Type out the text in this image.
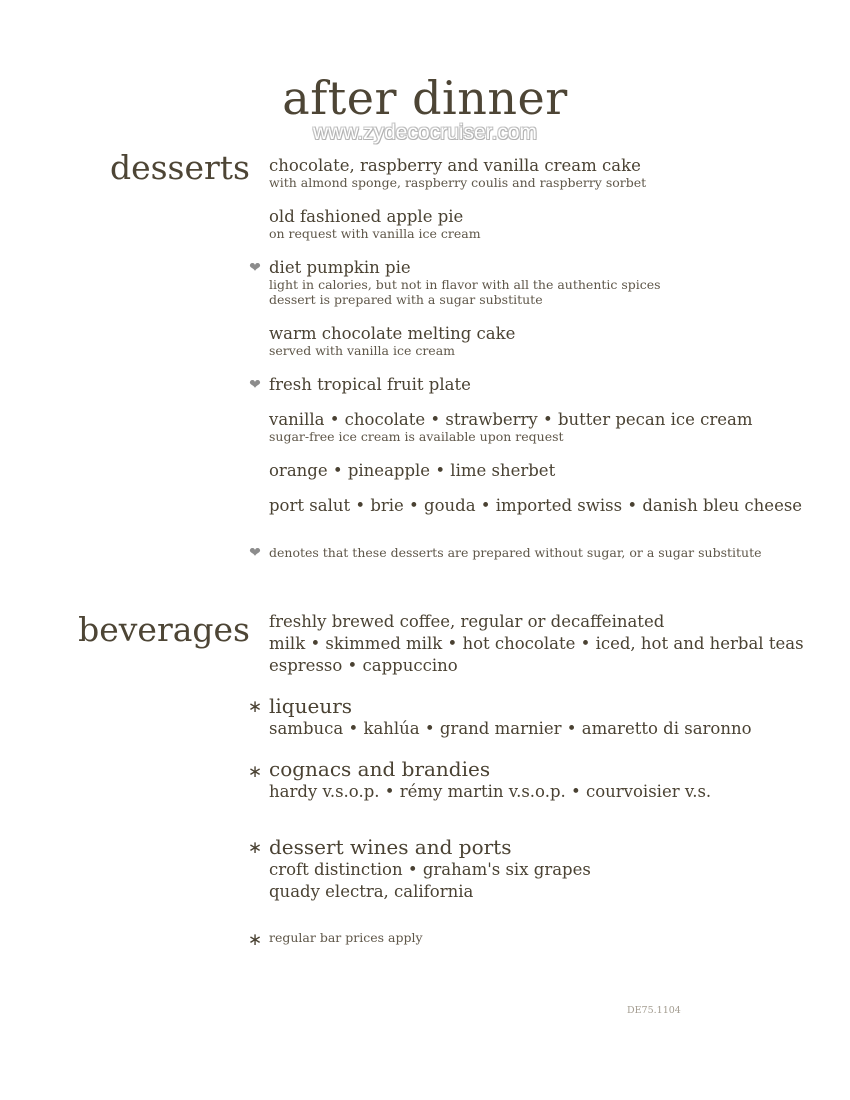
after dinner
www.zydecocruiser.com
desserts chocolate, raspberry and vanilla cream cake
with almond sponge, raspberry coulis and raspberry sorbet
old fashioned apple pie
on request with vanilla ice cream
❤ diet pumpkin pie
light in calories, but not in flavor with all the authentic spices
dessert is prepared with a sugar substitute
warm chocolate melting cake
served with vanilla ice cream
❤ fresh tropical fruit plate
vanilla • chocolate • strawberry • butter pecan ice cream
sugar-free ice cream is available upon request
orange • pineapple • lime sherbet
port salut • brie • gouda • imported swiss • danish bleu cheese
❤ denotes that these desserts are prepared without sugar, or a sugar substitute
beverages freshly brewed coffee, regular or decaffeinated
milk • skimmed milk • hot chocolate • iced, hot and herbal teas
espresso • cappuccino
∗ liqueurs
sambuca • kahlúa • grand marnier • amaretto di saronno
∗ cognacs and brandies
hardy v.s.o.p. • rémy martin v.s.o.p. • courvoisier v.s.
∗ dessert wines and ports
croft distinction • graham's six grapes
quady electra, california
∗ regular bar prices apply
DE75.1104
